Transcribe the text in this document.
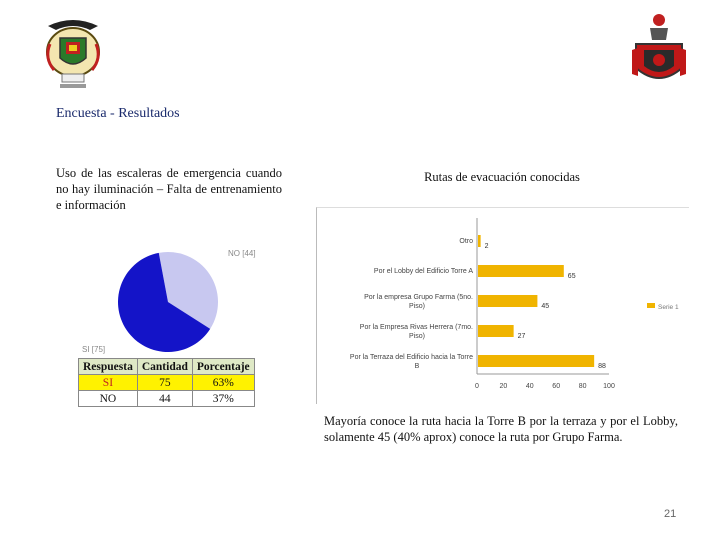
Encuesta - Resultados
Uso de las escaleras de emergencia cuando no hay iluminación – Falta de entrenamiento e información
NO [44]
SI [75]
Respuesta	Cantidad	Porcentaje
SI	75	63%
NO	44	37%
Rutas de evacuación conocidas
2
Otro
65
Por el Lobby del Edificio Torre A
45
Por la empresa Grupo Farma (5no. Piso)
27
Por la Empresa Rivas Herrera (7mo. Piso)
88
Por la Terraza del Edificio hacia la Torre B
0	20	40	60	80 100
Serie 1
Mayoría conoce la ruta hacia la Torre B por la terraza y por el Lobby, solamente 45 (40% aprox) conoce la ruta por Grupo Farma.
21
